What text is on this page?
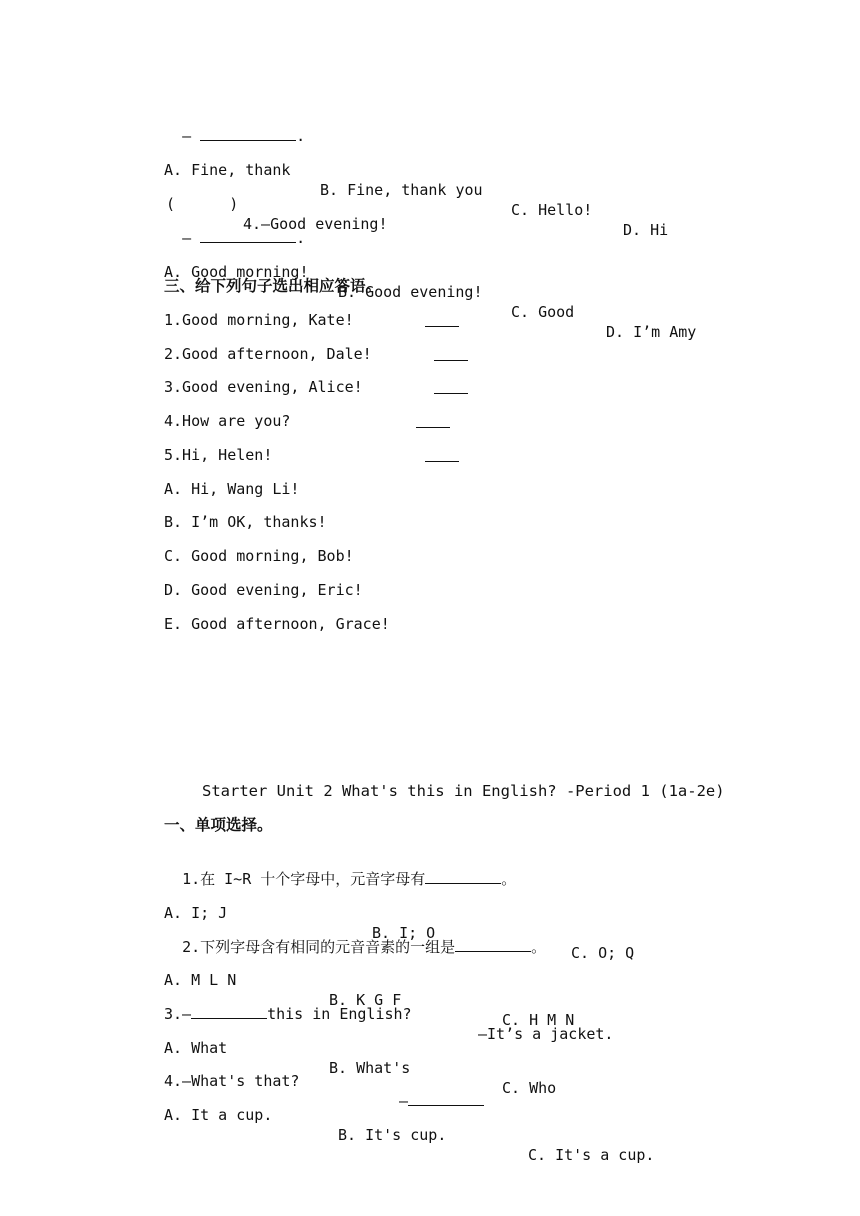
—	.

A. Fine, thank

B. Fine, thank you

C. Hello!

D. Hi

(      )

4.—Good evening!

—	.

A. Good morning!

B. Good evening!

C. Good

D. I’m Amy

三、给下列句子选出相应答语。
1.Good morning, Kate!
2.Good afternoon, Dale!
3.Good evening, Alice!
4.How are you?
5.Hi, Helen!
A. Hi, Wang Li!
B. I’m OK, thanks!
C. Good morning, Bob!
D. Good evening, Eric!
E. Good afternoon, Grace!
Starter Unit 2 What's this in English? -Period 1 (1a-2e)
一、单项选择。

1.在 I~R 十个字母中，元音字母有	。

A. I; J

B. I; O

C. O; Q

2.下列字母含有相同的元音音素的一组是	。

A. M L N

B. K G F

C. H M N

3.—	this in English?

—It’s a jacket.

A. What

B. What's

C. Who

4.—What's that?

—

A. It a cup.

B. It's cup.

C. It's a cup.
